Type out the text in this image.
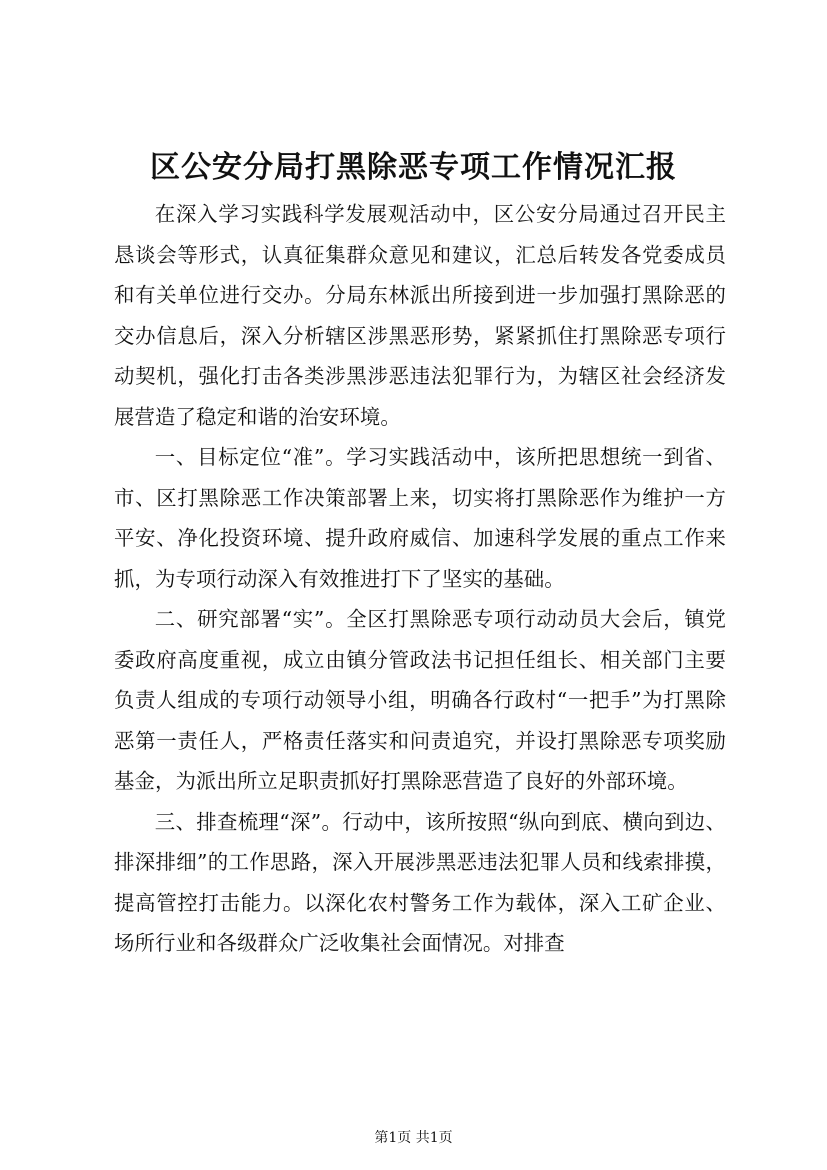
区公安分局打黑除恶专项工作情况汇报

在深入学习实践科学发展观活动中，区公安分局通过召开民主恳谈会等形式，认真征集群众意见和建议，汇总后转发各党委成员和有关单位进行交办。分局东林派出所接到进一步加强打黑除恶的交办信息后，深入分析辖区涉黑恶形势，紧紧抓住打黑除恶专项行动契机，强化打击各类涉黑涉恶违法犯罪行为，为辖区社会经济发展营造了稳定和谐的治安环境。

一、目标定位“准”。学习实践活动中，该所把思想统一到省、市、区打黑除恶工作决策部署上来，切实将打黑除恶作为维护一方平安、净化投资环境、提升政府威信、加速科学发展的重点工作来抓，为专项行动深入有效推进打下了坚实的基础。

二、研究部署“实”。全区打黑除恶专项行动动员大会后，镇党委政府高度重视，成立由镇分管政法书记担任组长、相关部门主要负责人组成的专项行动领导小组，明确各行政村“一把手”为打黑除恶第一责任人，严格责任落实和问责追究，并设打黑除恶专项奖励基金，为派出所立足职责抓好打黑除恶营造了良好的外部环境。

三、排查梳理“深”。行动中，该所按照“纵向到底、横向到边、排深排细”的工作思路，深入开展涉黑恶违法犯罪人员和线索排摸，提高管控打击能力。以深化农村警务工作为载体，深入工矿企业、场所行业和各级群众广泛收集社会面情况。对排查

第1页 共1页
